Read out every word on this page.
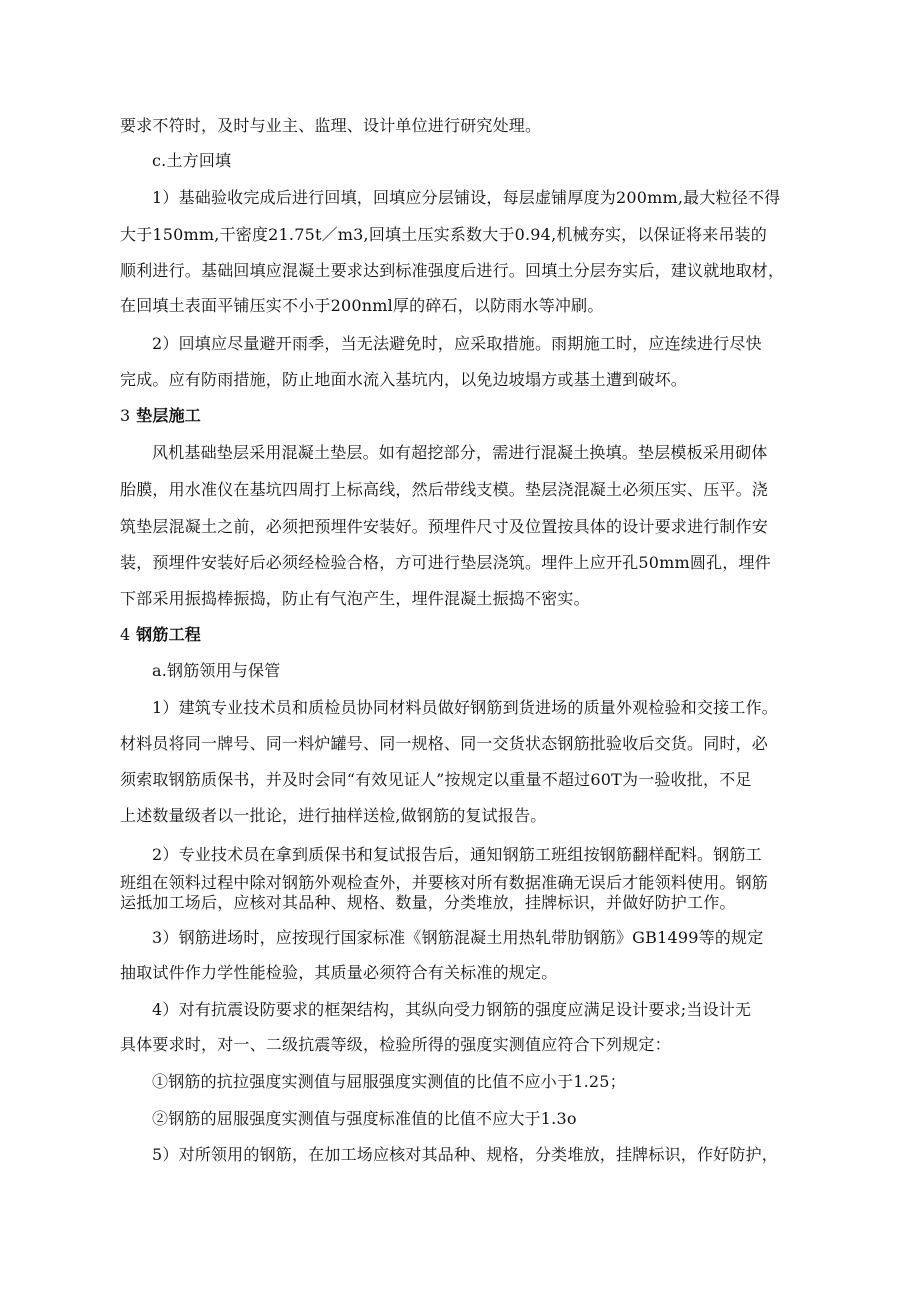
要求不符时，及时与业主、监理、设计单位进行研究处理。
c.土方回填
1）基础验收完成后进行回填，回填应分层铺设，每层虚铺厚度为200mm,最大粒径不得
大于150mm,干密度21.75t／m3,回填土压实系数大于0.94,机械夯实，以保证将来吊装的
顺利进行。基础回填应混凝土要求达到标准强度后进行。回填土分层夯实后，建议就地取材，
在回填土表面平铺压实不小于200nml厚的碎石，以防雨水等冲刷。
2）回填应尽量避开雨季，当无法避免时，应采取措施。雨期施工时，应连续进行尽快
完成。应有防雨措施，防止地面水流入基坑内，以免边坡塌方或基土遭到破坏。
3 垫层施工
风机基础垫层采用混凝土垫层。如有超挖部分，需进行混凝土换填。垫层模板采用砌体
胎膜，用水准仪在基坑四周打上标高线，然后带线支模。垫层浇混凝土必须压实、压平。浇
筑垫层混凝土之前，必须把预埋件安装好。预埋件尺寸及位置按具体的设计要求进行制作安
装，预埋件安装好后必须经检验合格，方可进行垫层浇筑。埋件上应开孔50mm圆孔，埋件
下部采用振捣棒振捣，防止有气泡产生，埋件混凝土振捣不密实。
4 钢筋工程
a.钢筋领用与保管
1）建筑专业技术员和质检员协同材料员做好钢筋到货进场的质量外观检验和交接工作。
材料员将同一牌号、同一料炉罐号、同一规格、同一交货状态钢筋批验收后交货。同时，必
须索取钢筋质保书，并及时会同“有效见证人”按规定以重量不超过60T为一验收批，不足
上述数量级者以一批论，进行抽样送检,做钢筋的复试报告。
2）专业技术员在拿到质保书和复试报告后，通知钢筋工班组按钢筋翻样配料。钢筋工
班组在领料过程中除对钢筋外观检查外，并要核对所有数据准确无误后才能领料使用。钢筋
运抵加工场后，应核对其品种、规格、数量，分类堆放，挂牌标识，并做好防护工作。
3）钢筋进场时，应按现行国家标准《钢筋混凝土用热轧带肋钢筋》GB1499等的规定
抽取试件作力学性能检验，其质量必须符合有关标准的规定。
4）对有抗震设防要求的框架结构，其纵向受力钢筋的强度应满足设计要求;当设计无
具体要求时，对一、二级抗震等级，检验所得的强度实测值应符合下列规定：
①钢筋的抗拉强度实测值与屈服强度实测值的比值不应小于1.25；
②钢筋的屈服强度实测值与强度标准值的比值不应大于1.3o
5）对所领用的钢筋，在加工场应核对其品种、规格，分类堆放，挂牌标识，作好防护，
